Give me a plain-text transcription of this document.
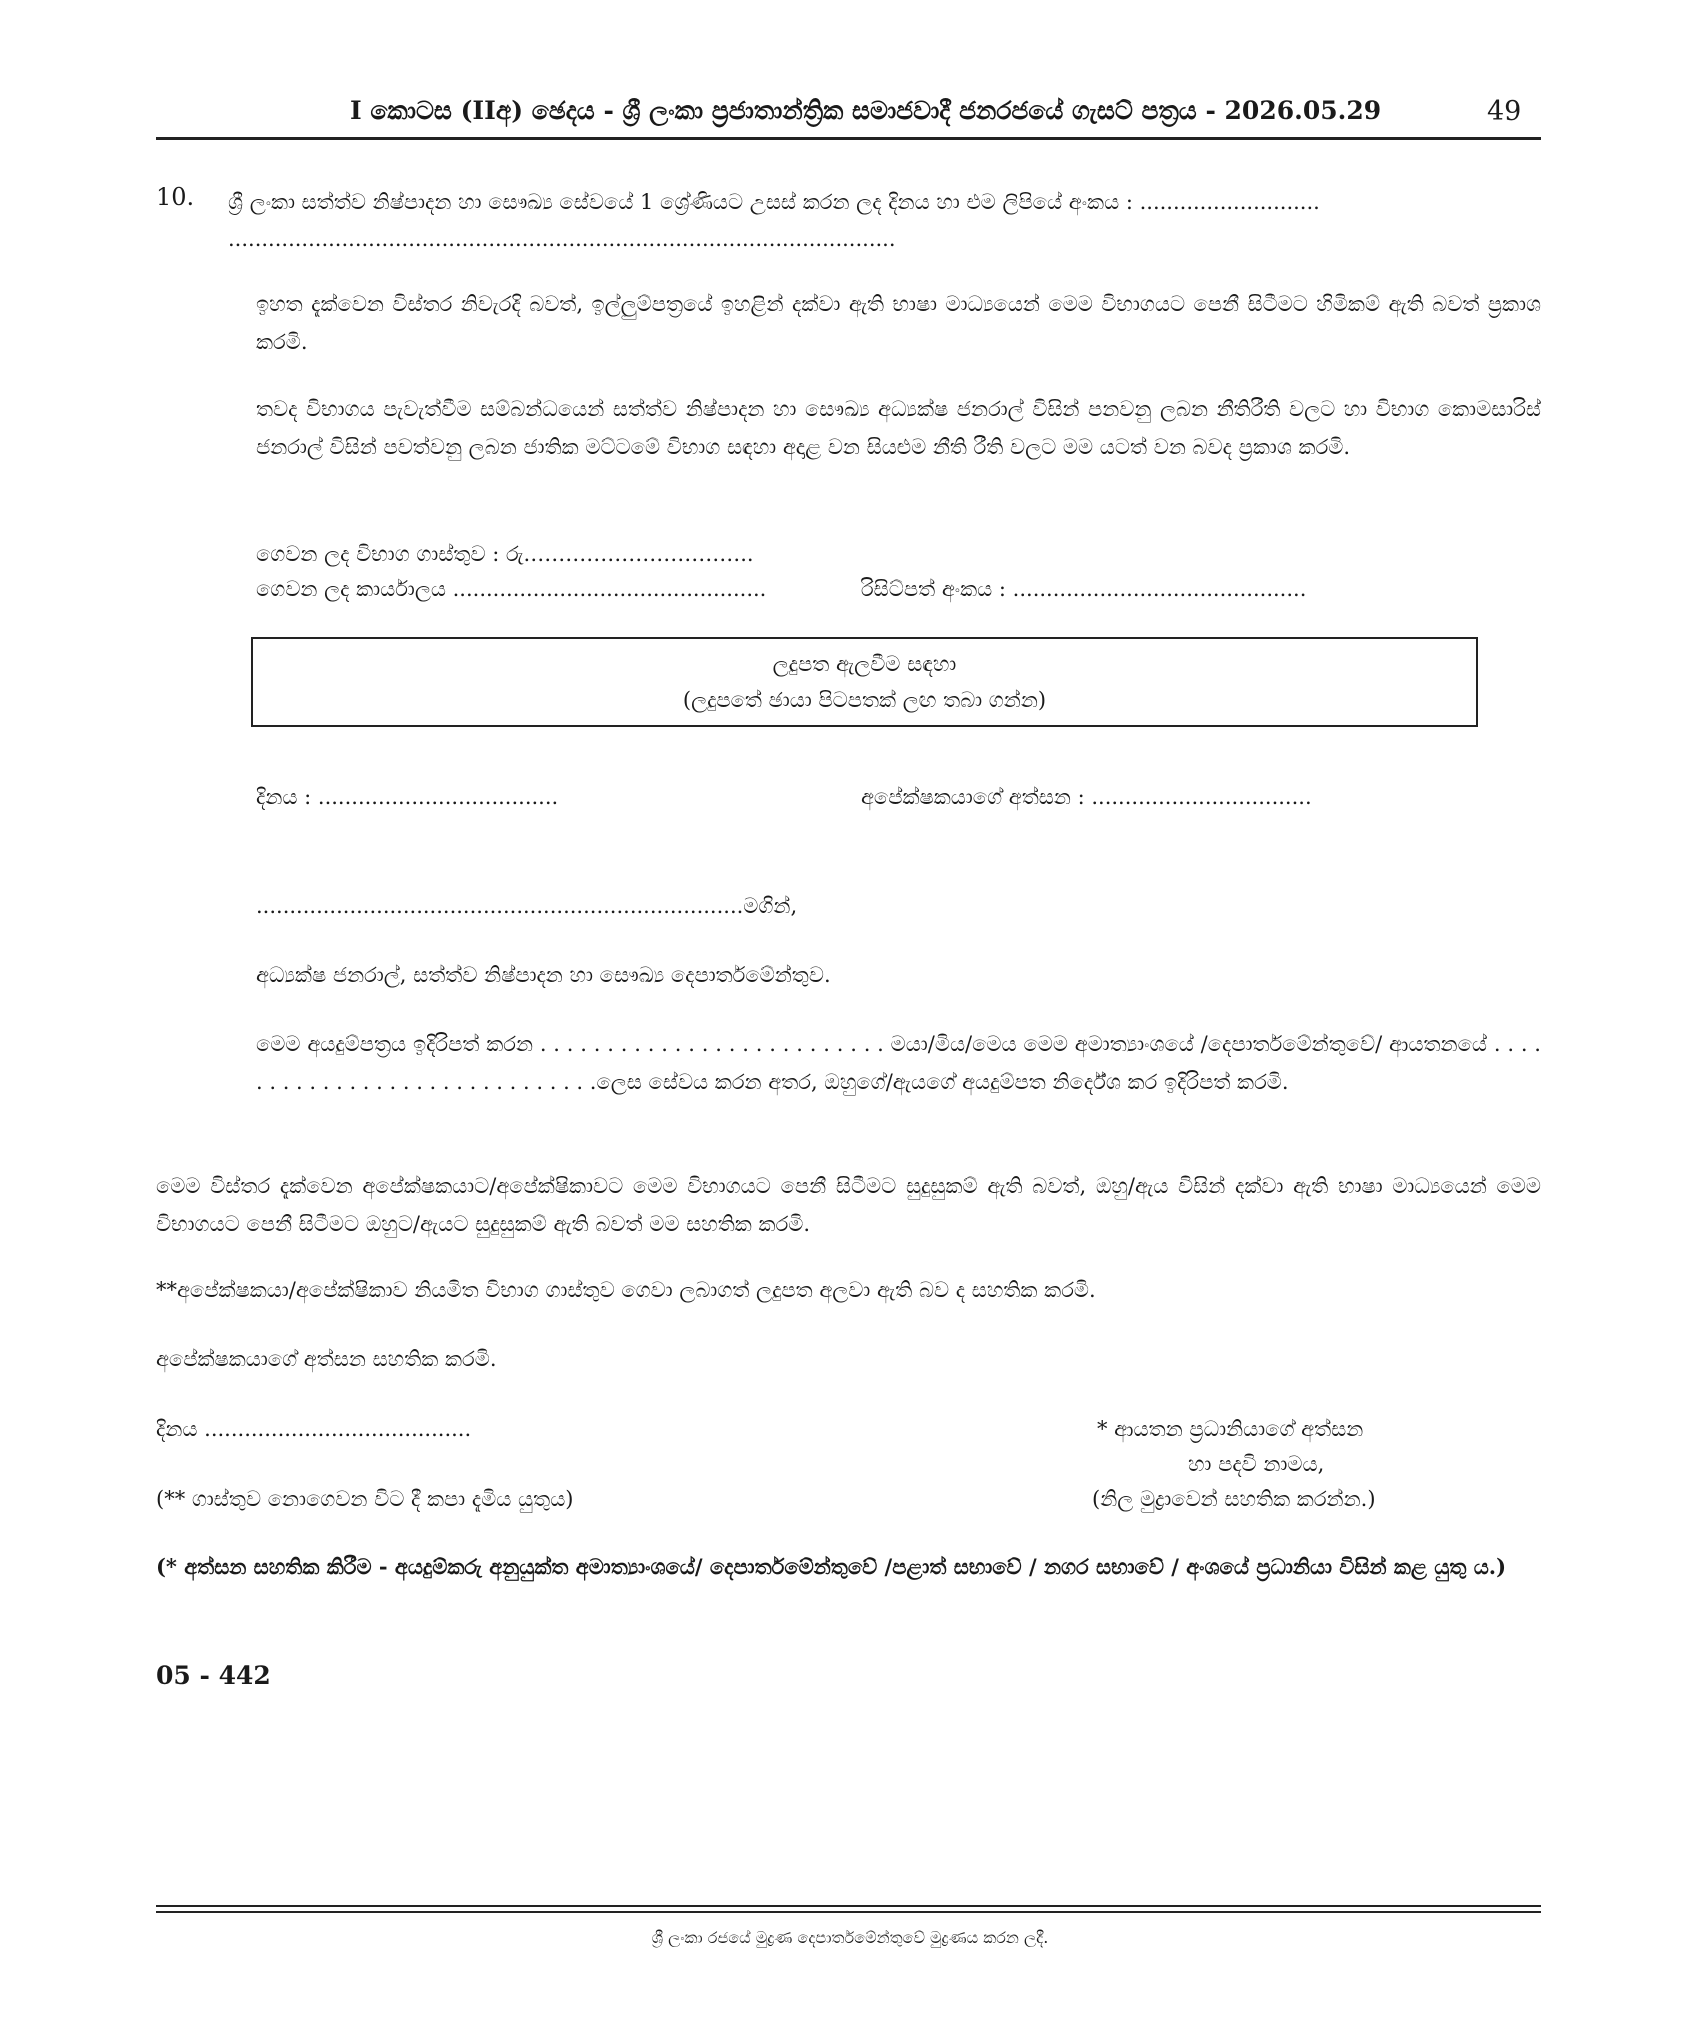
I කොටස (IIඅ) ඡෙදය - ශ්‍රී ලංකා ප්‍රජාතාන්ත්‍රික සමාජවාදී ජනරජයේ ගැසට් පත්‍රය - 2026.05.29	49
10. ශ්‍රී ලංකා සත්ත්ව නිෂ්පාදන හා සෞඛ්‍ය සේවයේ 1 ශ්‍රේණියට උසස් කරන ලද දිනය හා එම ලිපියේ අංකය : ...........................
....................................................................................................
ඉහත දැක්වෙන විස්තර නිවැරදි බවත්, ඉල්ලුම්පත්‍රයේ ඉහළින් දක්වා ඇති භාෂා මාධ්‍යයෙන් මෙම විභාගයට පෙනී සිටීමට හිමිකම් ඇති බවත් ප්‍රකාශ කරමි.
තවද විභාගය පැවැත්වීම සම්බන්ධයෙන් සත්ත්ව නිෂ්පාදන හා සෞඛ්‍ය අධ්‍යක්ෂ ජනරාල් විසින් පනවනු ලබන නීතිරීති වලට හා විභාග කොමසාරිස් ජනරාල් විසින් පවත්වනු ලබන ජාතික මට්ටමේ විභාග සඳහා අදාළ වන සියළුම නීති රීති වලට මම යටත් වන බවද ප්‍රකාශ කරමි.
ගෙවන ලද විභාග ගාස්තුව : රු.…………………………..
ගෙවන ලද කාර්යාලය ...............................................	රිසිට්පත් අංකය : ............................................
ලදුපත ඇලවීම සඳහා
(ලදුපතේ ඡායා පිටපතක් ලඟ තබා ගන්න)
දිනය : ....................................	අපේක්ෂකයාගේ අත්සන : .................................
.........................................................................මගින්,
අධ්‍යක්ෂ ජනරාල්, සත්ත්ව නිෂ්පාදන හා සෞඛ්‍ය දෙපාර්තමේන්තුව.
මෙම අයදුම්පත්‍රය ඉදිරිපත් කරන . . . . . . . . . . . . . . . . . . . . . . . . . . මයා/මිය/මෙය මෙම අමාත්‍යාංශයේ /දෙපාර්තමේන්තුවේ/ ආයතනයේ . . . . . . . . . . . . . . . . . . . . . . . . . . . . . .ලෙස සේවය කරන අතර, ඔහුගේ/ඇයගේ අයදුම්පත නිර්දේශ කර ඉදිරිපත් කරමි.
මෙම විස්තර දැක්වෙන අපේක්ෂකයාට/අපේක්ෂිකාවට මෙම විභාගයට පෙනී සිටීමට සුදුසුකම් ඇති බවත්, ඔහු/ඇය විසින් දක්වා ඇති භාෂා මාධ්‍යයෙන් මෙම විභාගයට පෙනී සිටීමට ඔහුට/ඇයට සුදුසුකම් ඇති බවත් මම සහතික කරමි.
**අපේක්ෂකයා/අපේක්ෂිකාව නියමිත විභාග ගාස්තුව ගෙවා ලබාගත් ලදුපත අලවා ඇති බව ද සහතික කරමි.
අපේක්ෂකයාගේ අත්සන සහතික කරමි.
දිනය ........................................	* ආයතන ප්‍රධානියාගේ අත්සන
හා පදවි නාමය,
(** ගාස්තුව නොගෙවන විට දී කපා දැමිය යුතුය)	(නිල මුද්‍රාවෙන් සහතික කරන්න.)
(* අත්සන සහතික කිරීම - අයදුම්කරු අනුයුක්ත අමාත්‍යාංශයේ/ දෙපාර්තමේන්තුවේ /පළාත් සභාවේ / නගර සභාවේ / අංශයේ ප්‍රධානියා විසින් කළ යුතු ය.)
05 - 442
ශ්‍රී ලංකා රජයේ මුද්‍රණ දෙපාර්තමේන්තුවේ මුද්‍රණය කරන ලදී.
